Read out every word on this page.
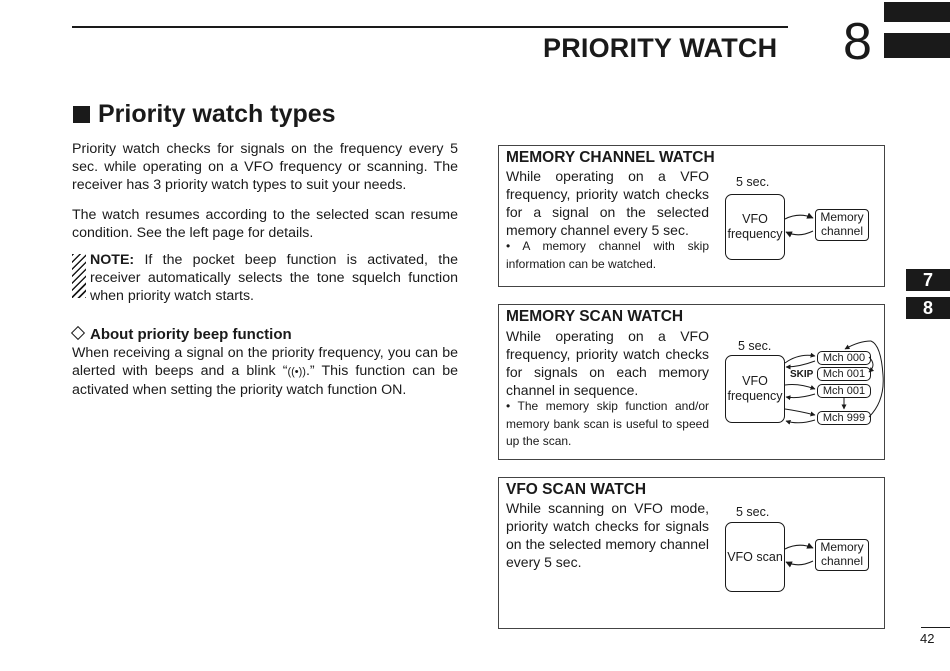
PRIORITY WATCH 8
7
8
Priority watch types

Priority watch checks for signals on the frequency every 5 sec. while operating on a VFO frequency or scanning. The receiver has 3 priority watch types to suit your needs.

The watch resumes according to the selected scan resume condition. See the left page for details.

NOTE: If the pocket beep function is activated, the receiver automatically selects the tone squelch function when priority watch starts.

About priority beep function

When receiving a signal on the priority frequency, you can be alerted with beeps and a blink “((•)).” This function can be activated when setting the priority watch function ON.

MEMORY CHANNEL WATCH
While operating on a VFO frequency, priority watch checks for a signal on the selected memory channel every 5 sec.
• A memory channel with skip information can be watched.
5 sec.
VFO frequency
Memory channel
MEMORY SCAN WATCH
While operating on a VFO frequency, priority watch checks for signals on each memory channel in sequence.
• The memory skip function and/or memory bank scan is useful to speed up the scan.
5 sec.
VFO frequency
Mch 000
SKIP Mch 001
Mch 001
Mch 999
VFO SCAN WATCH
While scanning on VFO mode, priority watch checks for signals on the selected memory channel every 5 sec.
5 sec.
VFO scan
Memory channel
42
